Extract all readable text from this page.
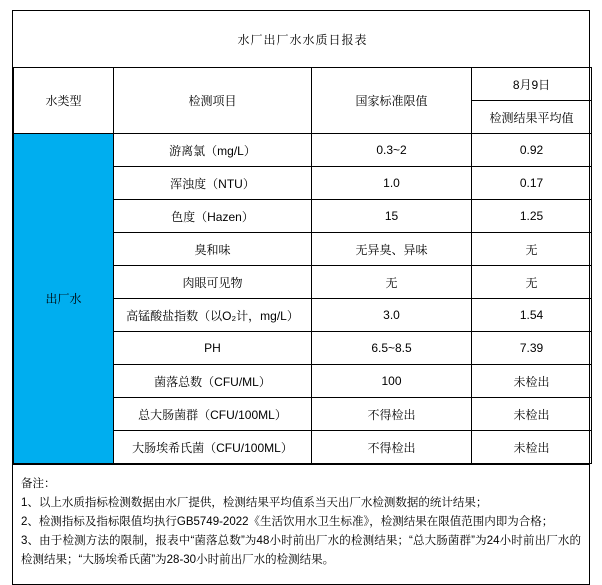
水厂出厂水水质日报表			
水类型	检测项目	国家标准限值	8月9日
			检测结果平均值
出厂水	游离氯（mg/L）	0.3~2	0.92
	浑浊度（NTU）	1.0	0.17
	色度（Hazen）	15	1.25
	臭和味	无异臭、异味	无
	肉眼可见物	无	无
	高锰酸盐指数（以O₂计，mg/L）	3.0	1.54
	PH	6.5~8.5	7.39
	菌落总数（CFU/ML）	100	未检出
	总大肠菌群（CFU/100ML）	不得检出	未检出
	大肠埃希氏菌（CFU/100ML）	不得检出	未检出
备注：
1、以上水质指标检测数据由水厂提供，检测结果平均值系当天出厂水检测数据的统计结果；
2、检测指标及指标限值均执行GB5749-2022《生活饮用水卫生标准》，检测结果在限值范围内即为合格；
3、由于检测方法的限制，报表中“菌落总数”为48小时前出厂水的检测结果；“总大肠菌群”为24小时前出厂水的检测结果；“大肠埃希氏菌”为28-30小时前出厂水的检测结果。
